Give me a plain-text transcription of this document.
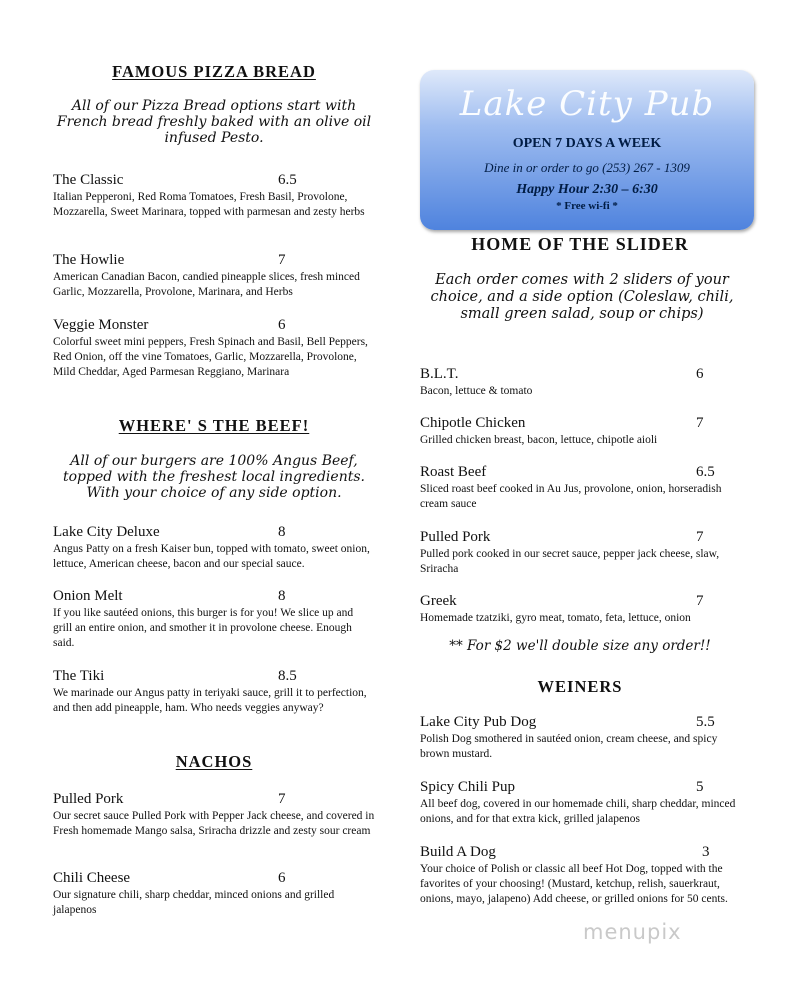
FAMOUS PIZZA BREAD

All of our Pizza Bread options start with French bread freshly baked with an olive oil infused Pesto.

The Classic	6.5
Italian Pepperoni, Red Roma Tomatoes, Fresh Basil, Provolone, Mozzarella, Sweet Marinara, topped with parmesan and zesty herbs
The Howlie	7
American Canadian Bacon, candied pineapple slices, fresh minced Garlic, Mozzarella, Provolone, Marinara, and Herbs
Veggie Monster	6
Colorful sweet mini peppers, Fresh Spinach and Basil, Bell Peppers, Red Onion, off the vine Tomatoes, Garlic, Mozzarella, Provolone, Mild Cheddar, Aged Parmesan Reggiano, Marinara
WHERE' S THE BEEF!

All of our burgers are 100% Angus Beef, topped with the freshest local ingredients. With your choice of any side option.

Lake City Deluxe	8
Angus Patty on a fresh Kaiser bun, topped with tomato, sweet onion, lettuce, American cheese, bacon and our special sauce.
Onion Melt	8
If you like sautéed onions, this burger is for you! We slice up and grill an entire onion, and smother it in provolone cheese. Enough said.
The Tiki	8.5
We marinade our Angus patty in teriyaki sauce, grill it to perfection, and then add pineapple, ham. Who needs veggies anyway?
NACHOS
Pulled Pork	7
Our secret sauce Pulled Pork with Pepper Jack cheese, and covered in Fresh homemade Mango salsa, Sriracha drizzle and zesty sour cream
Chili Cheese	6
Our signature chili, sharp cheddar, minced onions and grilled jalapenos
Lake City Pub
OPEN 7 DAYS A WEEK
Dine in or order to go (253) 267 - 1309
Happy Hour 2:30 – 6:30
* Free wi-fi *
HOME OF THE SLIDER

Each order comes with 2 sliders of your choice, and a side option (Coleslaw, chili, small green salad, soup or chips)

B.L.T.	6
Bacon, lettuce & tomato
Chipotle Chicken	7
Grilled chicken breast, bacon, lettuce, chipotle aioli
Roast Beef	6.5
Sliced roast beef cooked in Au Jus, provolone, onion, horseradish cream sauce
Pulled Pork	7
Pulled pork cooked in our secret sauce, pepper jack cheese, slaw, Sriracha
Greek	7
Homemade tzatziki, gyro meat, tomato, feta, lettuce, onion

** For $2 we'll double size any order!!

WEINERS
Lake City Pub Dog	5.5
Polish Dog smothered in sautéed onion, cream cheese, and spicy brown mustard.
Spicy Chili Pup	5
All beef dog, covered in our homemade chili, sharp cheddar, minced onions, and for that extra kick, grilled jalapenos
Build A Dog	3
Your choice of Polish or classic all beef Hot Dog, topped with the favorites of your choosing! (Mustard, ketchup, relish, sauerkraut, onions, mayo, jalapeno) Add cheese, or grilled onions for 50 cents.
menupix
